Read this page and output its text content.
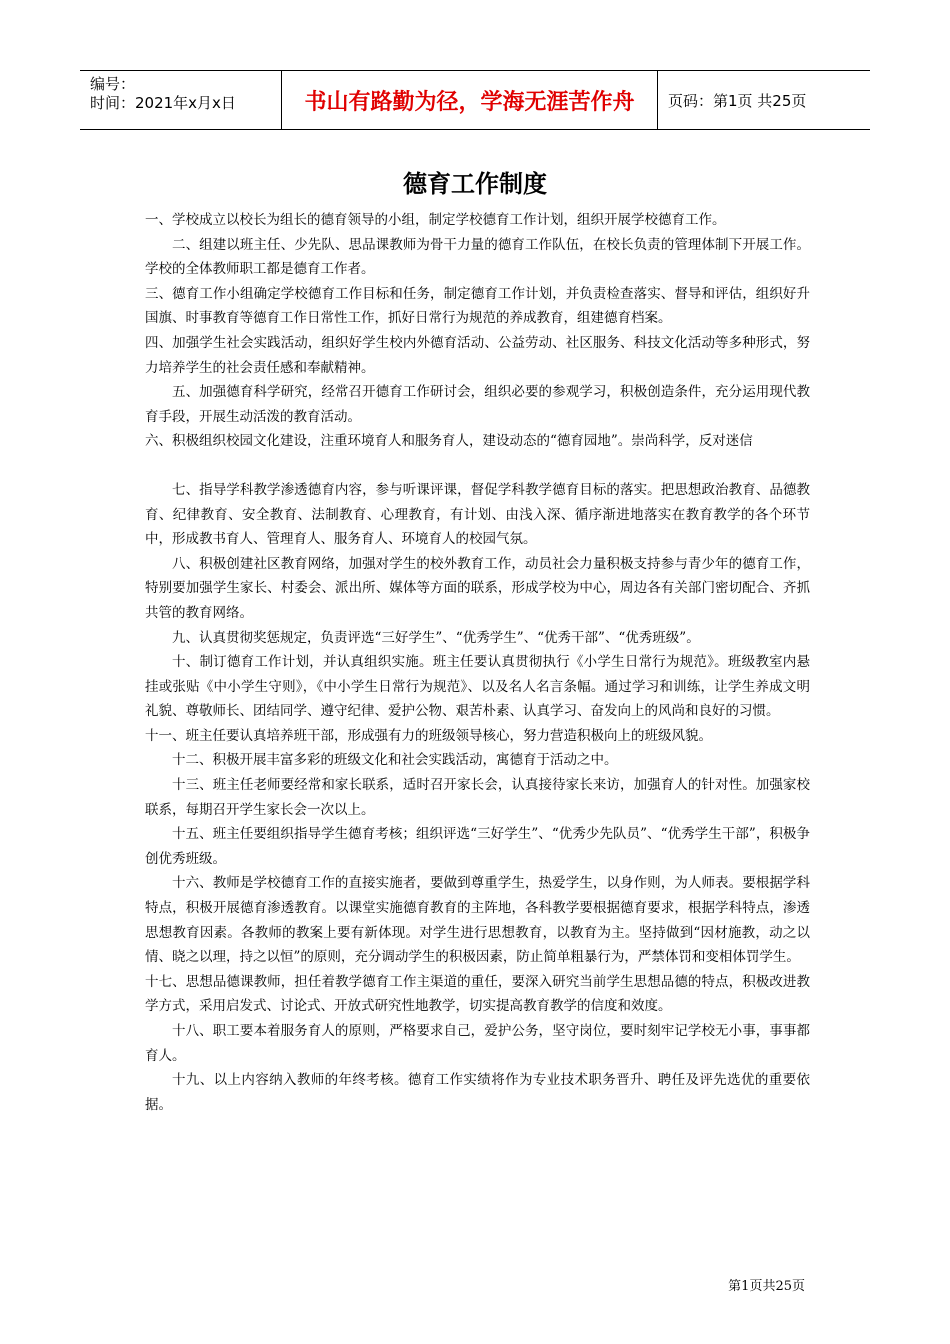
编号：
时间：2021年x月x日	书山有路勤为径，学海无涯苦作舟	页码：第1页 共25页
德育工作制度

一、学校成立以校长为组长的德育领导的小组，制定学校德育工作计划，组织开展学校德育工作。

二、组建以班主任、少先队、思品课教师为骨干力量的德育工作队伍，在校长负责的管理体制下开展工作。学校的全体教师职工都是德育工作者。

三、德育工作小组确定学校德育工作目标和任务，制定德育工作计划，并负责检查落实、督导和评估，组织好升国旗、时事教育等德育工作日常性工作，抓好日常行为规范的养成教育，组建德育档案。

四、加强学生社会实践活动，组织好学生校内外德育活动、公益劳动、社区服务、科技文化活动等多种形式，努力培养学生的社会责任感和奉献精神。

五、加强德育科学研究，经常召开德育工作研讨会，组织必要的参观学习，积极创造条件，充分运用现代教育手段，开展生动活泼的教育活动。

六、积极组织校园文化建设，注重环境育人和服务育人，建设动态的“德育园地”。崇尚科学，反对迷信

七、指导学科教学渗透德育内容，参与听课评课，督促学科教学德育目标的落实。把思想政治教育、品德教育、纪律教育、安全教育、法制教育、心理教育，有计划、由浅入深、循序渐进地落实在教育教学的各个环节中，形成教书育人、管理育人、服务育人、环境育人的校园气氛。

八、积极创建社区教育网络，加强对学生的校外教育工作，动员社会力量积极支持参与青少年的德育工作，特别要加强学生家长、村委会、派出所、媒体等方面的联系，形成学校为中心，周边各有关部门密切配合、齐抓共管的教育网络。

九、认真贯彻奖惩规定，负责评选“三好学生”、“优秀学生”、“优秀干部”、“优秀班级”。

十、制订德育工作计划，并认真组织实施。班主任要认真贯彻执行《小学生日常行为规范》。班级教室内悬挂或张贴《中小学生守则》，《中小学生日常行为规范》、以及名人名言条幅。通过学习和训练，让学生养成文明礼貌、尊敬师长、团结同学、遵守纪律、爱护公物、艰苦朴素、认真学习、奋发向上的风尚和良好的习惯。

十一、班主任要认真培养班干部，形成强有力的班级领导核心，努力营造积极向上的班级风貌。

十二、积极开展丰富多彩的班级文化和社会实践活动，寓德育于活动之中。

十三、班主任老师要经常和家长联系，适时召开家长会，认真接待家长来访，加强育人的针对性。加强家校联系，每期召开学生家长会一次以上。

十五、班主任要组织指导学生德育考核；组织评选“三好学生”、“优秀少先队员”、“优秀学生干部”，积极争创优秀班级。

十六、教师是学校德育工作的直接实施者，要做到尊重学生，热爱学生，以身作则，为人师表。要根据学科特点，积极开展德育渗透教育。以课堂实施德育教育的主阵地，各科教学要根据德育要求，根据学科特点，渗透思想教育因素。各教师的教案上要有新体现。对学生进行思想教育，以教育为主。坚持做到“因材施教，动之以情、晓之以理，持之以恒”的原则，充分调动学生的积极因素，防止简单粗暴行为，严禁体罚和变相体罚学生。

十七、思想品德课教师，担任着教学德育工作主渠道的重任，要深入研究当前学生思想品德的特点，积极改进教学方式，采用启发式、讨论式、开放式研究性地教学，切实提高教育教学的信度和效度。

十八、职工要本着服务育人的原则，严格要求自己，爱护公务，坚守岗位，要时刻牢记学校无小事，事事都育人。

十九、以上内容纳入教师的年终考核。德育工作实绩将作为专业技术职务晋升、聘任及评先选优的重要依据。

第1页共25页
